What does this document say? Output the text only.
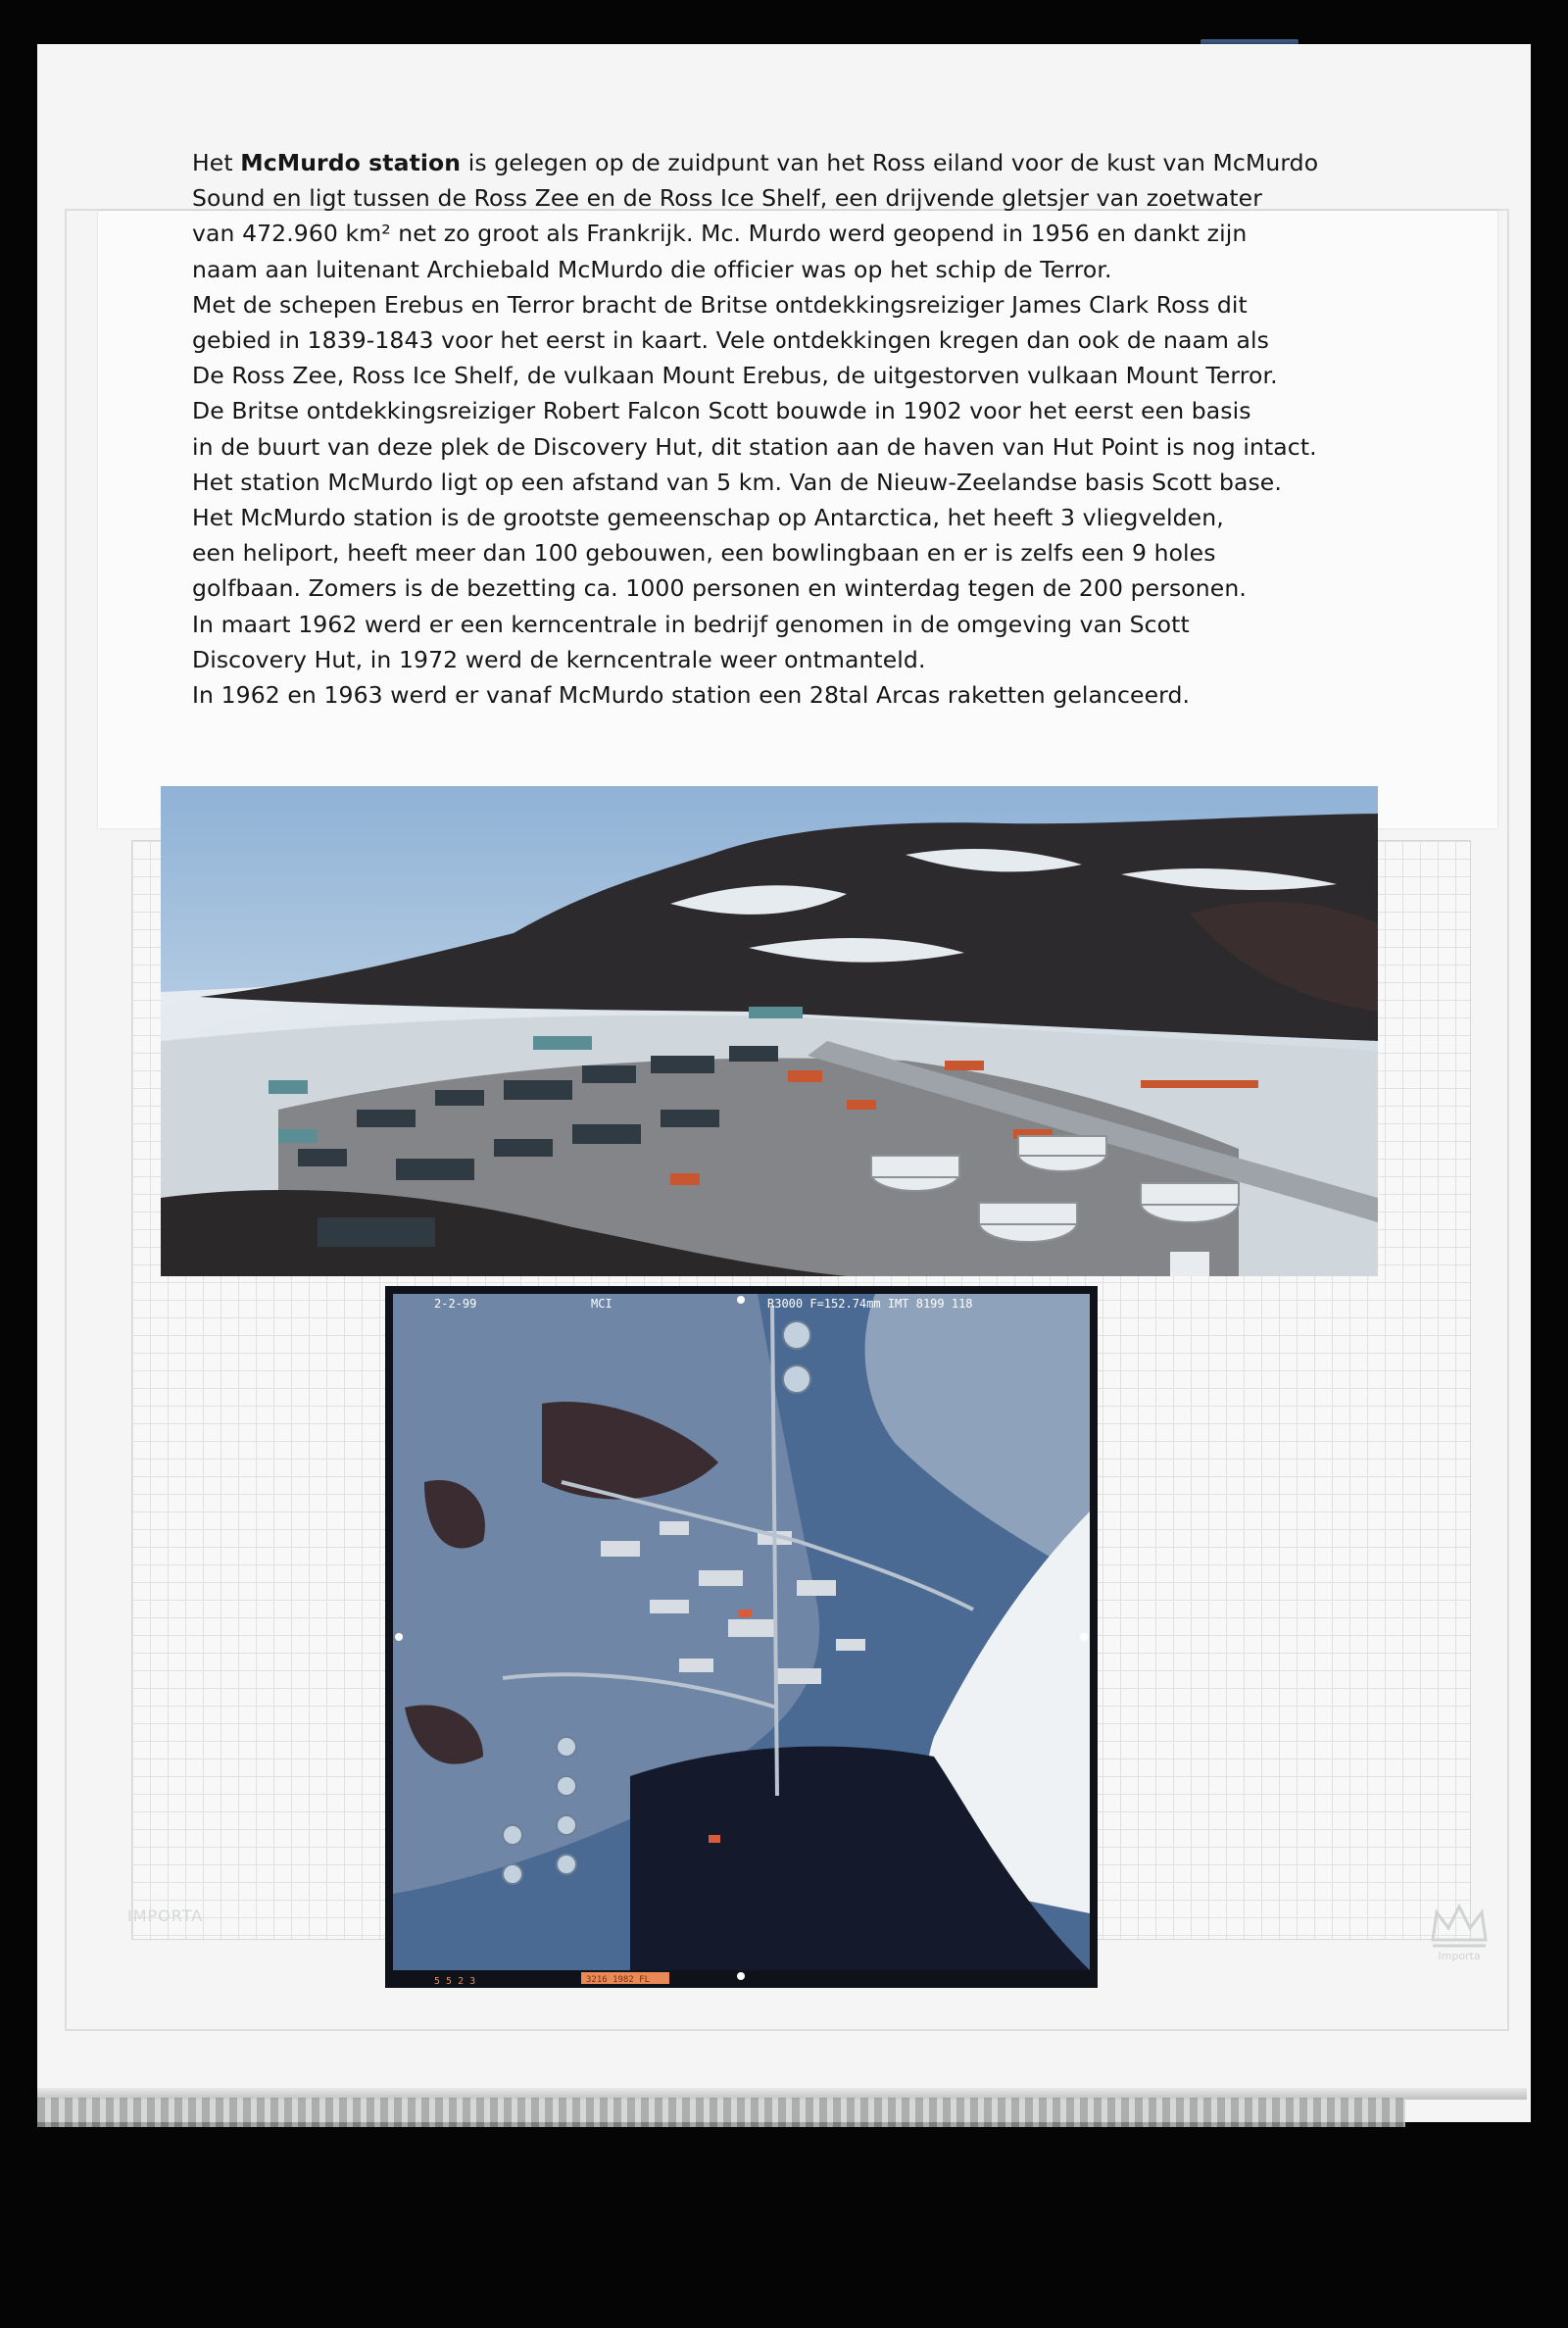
IMPORTA
Importa
Het McMurdo station is gelegen op de zuidpunt van het Ross eiland voor de kust van McMurdo
Sound en ligt tussen de Ross Zee en de Ross Ice Shelf, een drijvende gletsjer van zoetwater
van 472.960 km² net zo groot als Frankrijk. Mc. Murdo werd geopend in 1956 en dankt zijn
naam aan luitenant Archiebald McMurdo die officier was op het schip de Terror.
Met de schepen Erebus en Terror bracht de Britse ontdekkingsreiziger James Clark Ross dit
gebied in 1839-1843 voor het eerst in kaart. Vele ontdekkingen kregen dan ook de naam als
De Ross Zee, Ross Ice Shelf, de vulkaan Mount Erebus, de uitgestorven vulkaan Mount Terror.
De Britse ontdekkingsreiziger Robert Falcon Scott bouwde in 1902 voor het eerst een basis
in de buurt van deze plek de Discovery Hut, dit station aan de haven van Hut Point is nog intact.
Het station McMurdo ligt op een afstand van 5 km. Van de Nieuw-Zeelandse basis Scott base.
Het McMurdo station is de grootste gemeenschap op Antarctica, het heeft 3 vliegvelden,
een heliport, heeft meer dan 100 gebouwen, een bowlingbaan en er is zelfs een 9 holes
golfbaan. Zomers is de bezetting ca. 1000 personen en winterdag tegen de 200 personen.
In maart 1962 werd er een kerncentrale in bedrijf genomen in de omgeving van Scott
Discovery Hut, in 1972 werd de kerncentrale weer ontmanteld.
In 1962 en 1963 werd er vanaf McMurdo station een 28tal Arcas raketten gelanceerd.
2-2-99	MCI	R3000 F=152.74mm IMT 8199 118
3216 1982 FL
5 5 2 3
